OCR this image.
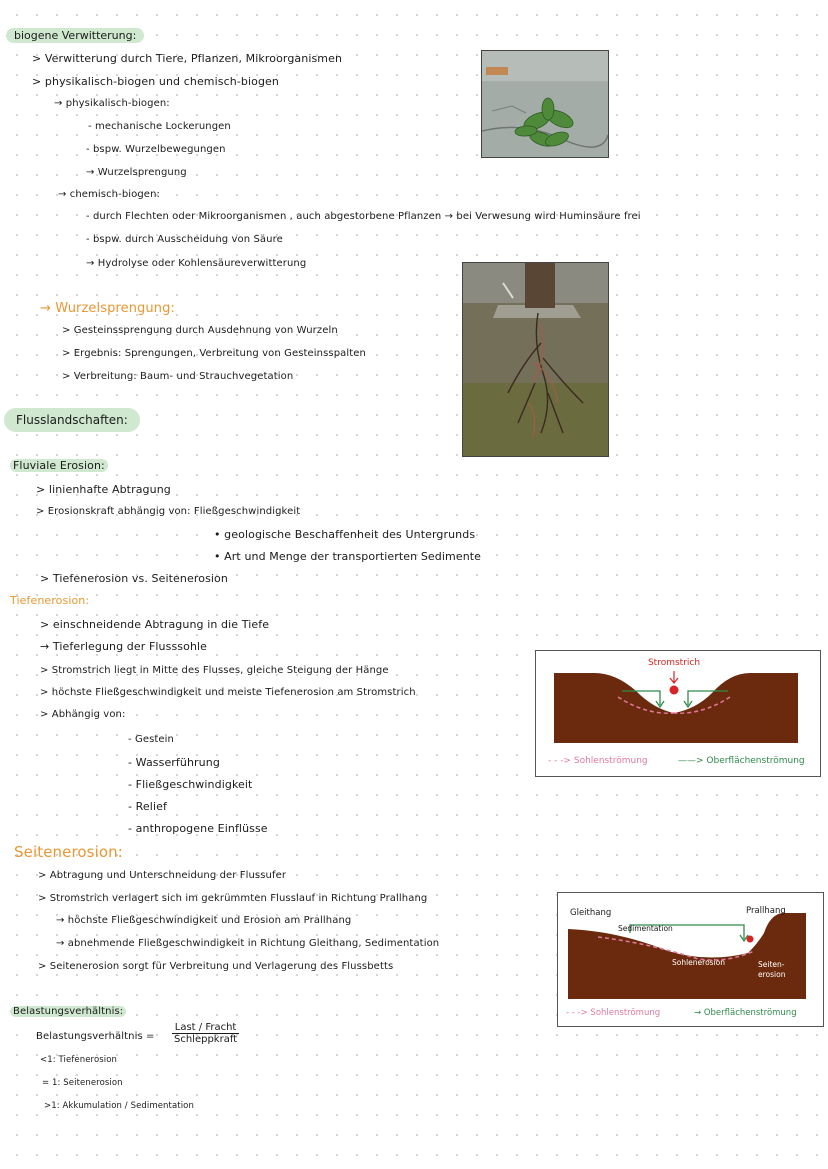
biogene Verwitterung:
> Verwitterung durch Tiere, Pflanzen, Mikroorganismen
> physikalisch-biogen und chemisch-biogen
→ physikalisch-biogen:
- mechanische Lockerungen
- bspw. Wurzelbewegungen
→ Wurzelsprengung
→ chemisch-biogen:
- durch Flechten oder Mikroorganismen , auch abgestorbene Pflanzen → bei Verwesung wird Huminsäure frei
- bspw. durch Ausscheidung von Säure
→ Hydrolyse oder Kohlensäureverwitterung
→ Wurzelsprengung:
> Gesteinssprengung durch Ausdehnung von Wurzeln
> Ergebnis: Sprengungen, Verbreitung von Gesteinsspalten
> Verbreitung: Baum- und Strauchvegetation
Flusslandschaften:
Fluviale Erosion:
> linienhafte Abtragung
> Erosionskraft abhängig von: Fließgeschwindigkeit
• geologische Beschaffenheit des Untergrunds
• Art und Menge der transportierten Sedimente
> Tiefenerosion vs. Seitenerosion
Tiefenerosion:
> einschneidende Abtragung in die Tiefe
→ Tieferlegung der Flusssohle
> Stromstrich liegt in Mitte des Flusses, gleiche Steigung der Hänge
> höchste Fließgeschwindigkeit und meiste Tiefenerosion am Stromstrich
> Abhängig von:
- Gestein
- Wasserführung
- Fließgeschwindigkeit
- Relief
- anthropogene Einflüsse
Stromstrich
- - -> Sohlenströmung	——> Oberflächenströmung
Seitenerosion:
> Abtragung und Unterschneidung der Flussufer
> Stromstrich verlagert sich im gekrümmten Flusslauf in Richtung Prallhang
→ höchste Fließgeschwindigkeit und Erosion am Prallhang
→ abnehmende Fließgeschwindigkeit in Richtung Gleithang, Sedimentation
> Seitenerosion sorgt für Verbreitung und Verlagerung des Flussbetts
Gleithang	Prallhang
Sedimentation
Sohlenerosion	Seiten-
erosion
- - -> Sohlenströmung	→ Oberflächenströmung
Belastungsverhältnis:
Belastungsverhältnis =
Last / Fracht
Schleppkraft
<1: Tiefenerosion
= 1: Seitenerosion
>1: Akkumulation / Sedimentation
